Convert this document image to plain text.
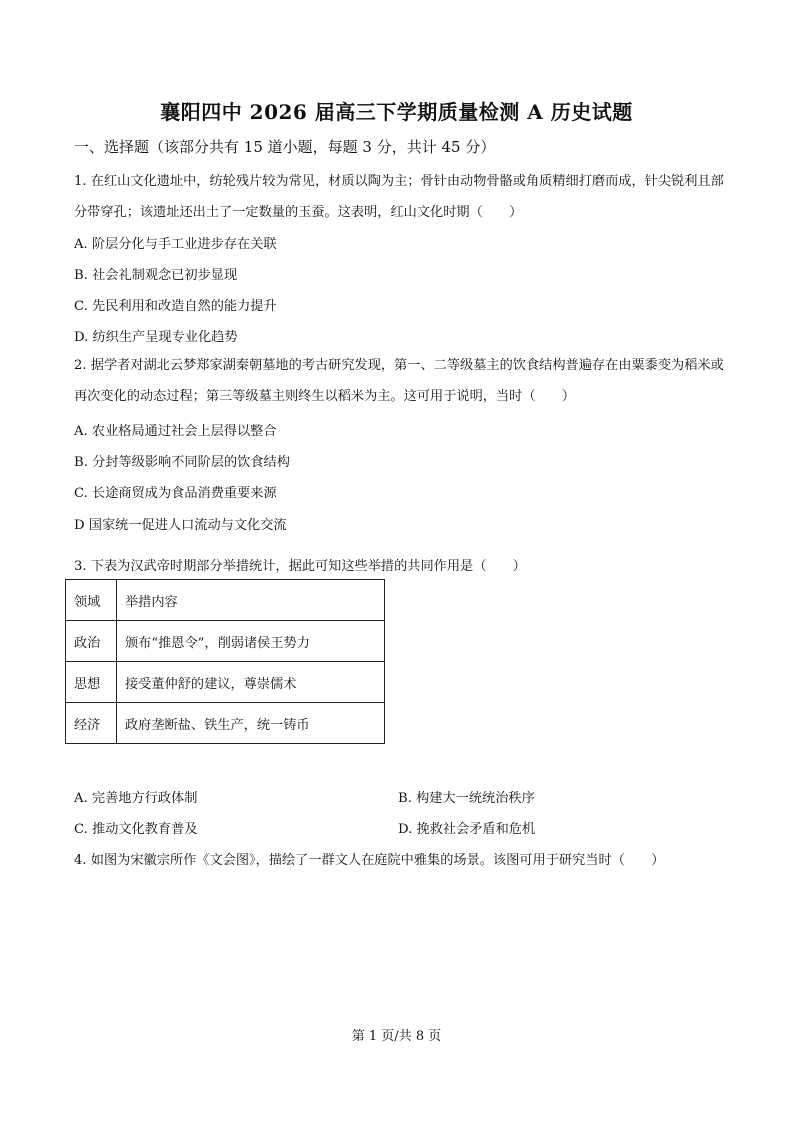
襄阳四中 2026 届高三下学期质量检测 A 历史试题
一、选择题（该部分共有 15 道小题，每题 3 分，共计 45 分）
1. 在红山文化遗址中，纺轮残片较为常见，材质以陶为主；骨针由动物骨骼或角质精细打磨而成，针尖锐利且部分带穿孔；该遗址还出土了一定数量的玉蚕。这表明，红山文化时期（　　）
A. 阶层分化与手工业进步存在关联
B. 社会礼制观念已初步显现
C. 先民利用和改造自然的能力提升
D. 纺织生产呈现专业化趋势
2. 据学者对湖北云梦郑家湖秦朝墓地的考古研究发现，第一、二等级墓主的饮食结构普遍存在由粟黍变为稻米或再次变化的动态过程；第三等级墓主则终生以稻米为主。这可用于说明，当时（　　）
A. 农业格局通过社会上层得以整合
B. 分封等级影响不同阶层的饮食结构
C. 长途商贸成为食品消费重要来源
D 国家统一促进人口流动与文化交流
3. 下表为汉武帝时期部分举措统计，据此可知这些举措的共同作用是（　　）
领域	举措内容
政治	颁布“推恩令”，削弱诸侯王势力
思想	接受董仲舒的建议，尊崇儒术
经济	政府垄断盐、铁生产，统一铸币
A. 完善地方行政体制	B. 构建大一统统治秩序
C. 推动文化教育普及	D. 挽救社会矛盾和危机
4. 如图为宋徽宗所作《文会图》，描绘了一群文人在庭院中雅集的场景。该图可用于研究当时（　　）
第 1 页/共 8 页
